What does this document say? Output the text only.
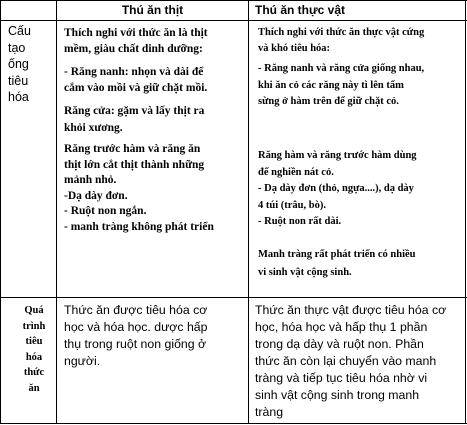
Thú ăn thịt	Thú ăn thực vật
Cấu
tạo
ống
tiêu
hóa
Thích nghi với thức ăn là thịt
mềm, giàu chất dinh dưỡng:
- Răng nanh: nhọn và dài để
cắm vào mồi và giữ chặt mồi.
Răng cửa: gặm và lấy thịt ra
khỏi xương.
Răng trước hàm và răng ăn
thịt lớn cắt thịt thành những
mảnh nhỏ.
-Dạ dày đơn.
- Ruột non ngắn.
- manh tràng không phát triển
Thích nghi với thức ăn thực vật cứng
và khó tiêu hóa:
- Răng nanh và răng cửa giống nhau,
khi ăn cỏ các răng này tì lên tấm
sừng ở hàm trên để giữ chặt cỏ.
Răng hàm và răng trước hàm dùng
để nghiền nát cỏ.
- Dạ dày đơn (thỏ, ngựa....), dạ dày
4 túi (trâu, bò).
- Ruột non rất dài.
Manh tràng rất phát triển có nhiều
vi sinh vật cộng sinh.
Quá
trình
tiêu
hóa
thức
ăn
Thức ăn được tiêu hóa cơ
học và hóa học. dược hấp
thụ trong ruột non giống ở
người.
Thức ăn thực vật được tiêu hóa cơ
học, hóa học và hấp thụ 1 phần
trong dạ dày và ruột non. Phần
thức ăn còn lại chuyển vào manh
tràng và tiếp tục tiêu hóa nhờ vi
sinh vật cộng sinh trong manh
tràng
